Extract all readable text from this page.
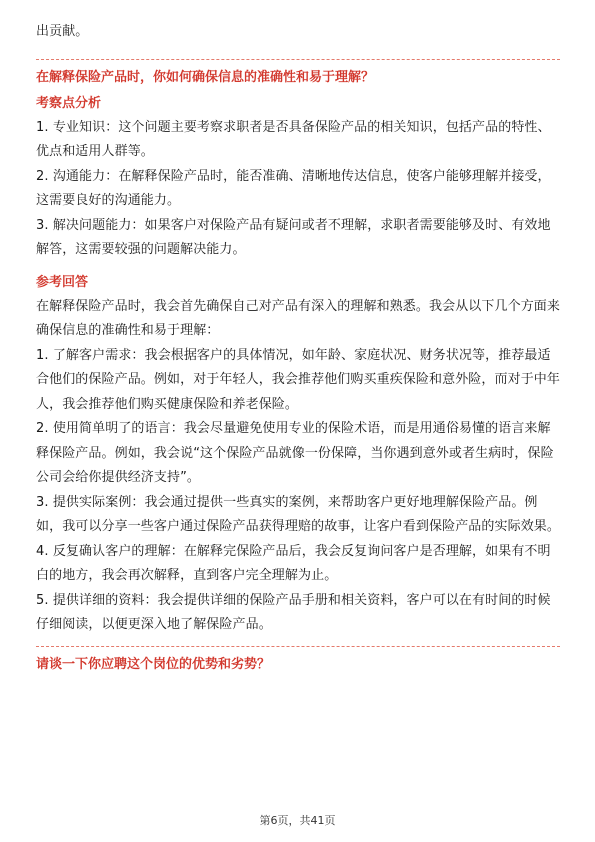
出贡献。

在解释保险产品时，你如何确保信息的准确性和易于理解？

考察点分析

1. 专业知识：这个问题主要考察求职者是否具备保险产品的相关知识，包括产品的特性、优点和适用人群等。

2. 沟通能力：在解释保险产品时，能否准确、清晰地传达信息，使客户能够理解并接受，这需要良好的沟通能力。

3. 解决问题能力：如果客户对保险产品有疑问或者不理解，求职者需要能够及时、有效地解答，这需要较强的问题解决能力。

参考回答

在解释保险产品时，我会首先确保自己对产品有深入的理解和熟悉。我会从以下几个方面来确保信息的准确性和易于理解：

1. 了解客户需求：我会根据客户的具体情况，如年龄、家庭状况、财务状况等，推荐最适合他们的保险产品。例如，对于年轻人，我会推荐他们购买重疾保险和意外险，而对于中年人，我会推荐他们购买健康保险和养老保险。

2. 使用简单明了的语言：我会尽量避免使用专业的保险术语，而是用通俗易懂的语言来解释保险产品。例如，我会说“这个保险产品就像一份保障，当你遇到意外或者生病时，保险公司会给你提供经济支持”。

3. 提供实际案例：我会通过提供一些真实的案例，来帮助客户更好地理解保险产品。例如，我可以分享一些客户通过保险产品获得理赔的故事，让客户看到保险产品的实际效果。

4. 反复确认客户的理解：在解释完保险产品后，我会反复询问客户是否理解，如果有不明白的地方，我会再次解释，直到客户完全理解为止。

5. 提供详细的资料：我会提供详细的保险产品手册和相关资料，客户可以在有时间的时候仔细阅读，以便更深入地了解保险产品。

请谈一下你应聘这个岗位的优势和劣势？

第6页，共41页
